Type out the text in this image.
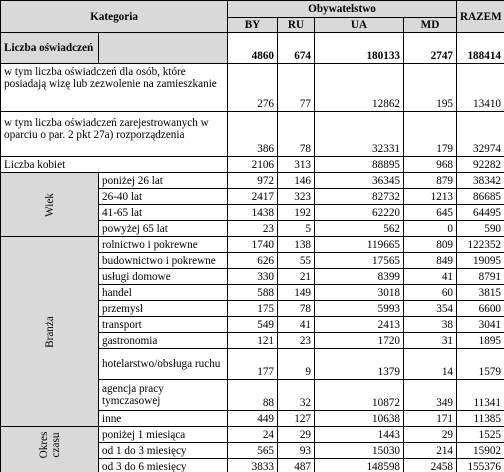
Kategoria		Obywatelstwo				RAZEM
		BY	RU	UA	MD	
Liczba oświadczeń		4860	674	180133	2747	188414
w tym liczba oświadczeń dla osób, które posiadają wizę lub zezwolenie na zamieszkanie		276	77	12862	195	13410
w tym liczba oświadczeń zarejestrowanych w oparciu o par. 2 pkt 27a) rozporządzenia		386	78	32331	179	32974
Liczba kobiet		2106	313	88895	968	92282
Wiek	poniżej 26 lat	972	146	36345	879	38342
	26-40 lat	2417	323	82732	1213	86685
	41-65 lat	1438	192	62220	645	64495
	powyżej 65 lat	23	5	562	0	590
Branża	rolnictwo i pokrewne	1740	138	119665	809	122352
	budownictwo i pokrewne	626	55	17565	849	19095
	usługi domowe	330	21	8399	41	8791
	handel	588	149	3018	60	3815
	przemysł	175	78	5993	354	6600
	transport	549	41	2413	38	3041
	gastronomia	121	23	1720	31	1895
	hotelarstwo/obsługa ruchu	177	9	1379	14	1579
	agencja pracy tymczasowej	88	32	10872	349	11341
	inne	449	127	10638	171	11385
Okres czasu	poniżej 1 miesiąca	24	29	1443	29	1525
	od 1 do 3 miesięcy	565	93	15030	214	15902
	od 3 do 6 miesięcy	3833	487	148598	2458	155376
